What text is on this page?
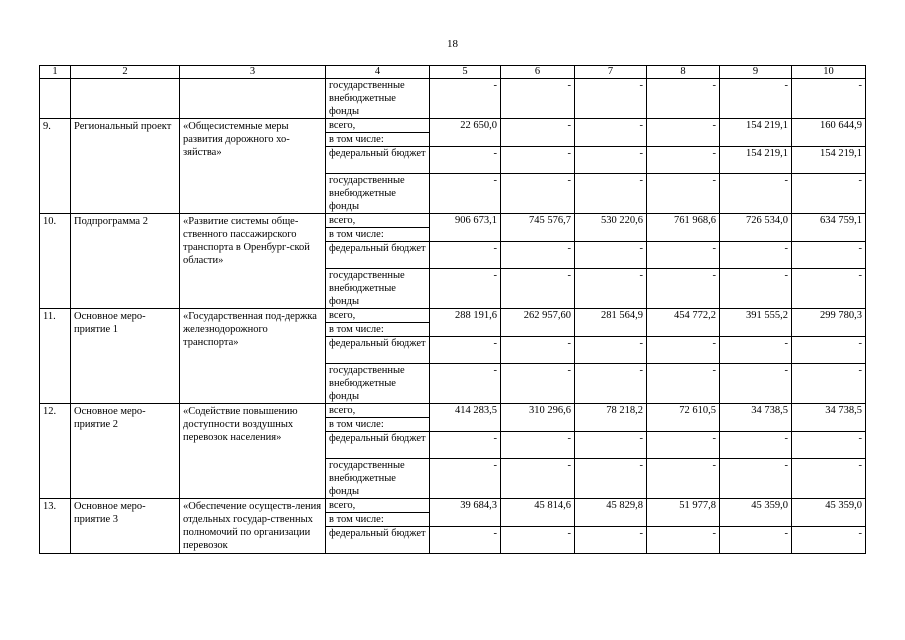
18
1	2	3	4	5	6	7	8	9	10
			государственные внебюджетные фонды	-	-	-	-	-	-
9.	Региональный проект	«Общесистемные меры развития дорожного хо-зяйства»	всего,	22 650,0	-	-	-	154 219,1	160 644,9
			в том числе:						
			федеральный бюджет	-	-	-	-	154 219,1	154 219,1
			государственные внебюджетные фонды	-	-	-	-	-	-
10.	Подпрограмма 2	«Развитие системы обще-ственного пассажирского транспорта в Оренбург-ской области»	всего,	906 673,1	745 576,7	530 220,6	761 968,6	726 534,0	634 759,1
			в том числе:						
			федеральный бюджет	-	-	-	-	-	-
			государственные внебюджетные фонды	-	-	-	-	-	-
11.	Основное меро-приятие 1	«Государственная под-держка железнодорожного транспорта»	всего,	288 191,6	262 957,60	281 564,9	454 772,2	391 555,2	299 780,3
			в том числе:						
			федеральный бюджет	-	-	-	-	-	-
			государственные внебюджетные фонды	-	-	-	-	-	-
12.	Основное меро-приятие 2	«Содействие повышению доступности воздушных перевозок населения»	всего,	414 283,5	310 296,6	78 218,2	72 610,5	34 738,5	34 738,5
			в том числе:						
			федеральный бюджет	-	-	-	-	-	-
			государственные внебюджетные фонды	-	-	-	-	-	-
13.	Основное меро-приятие 3	«Обеспечение осуществ-ления отдельных государ-ственных полномочий по организации перевозок	всего,	39 684,3	45 814,6	45 829,8	51 977,8	45 359,0	45 359,0
			в том числе:						
			федеральный бюджет	-	-	-	-	-	-
